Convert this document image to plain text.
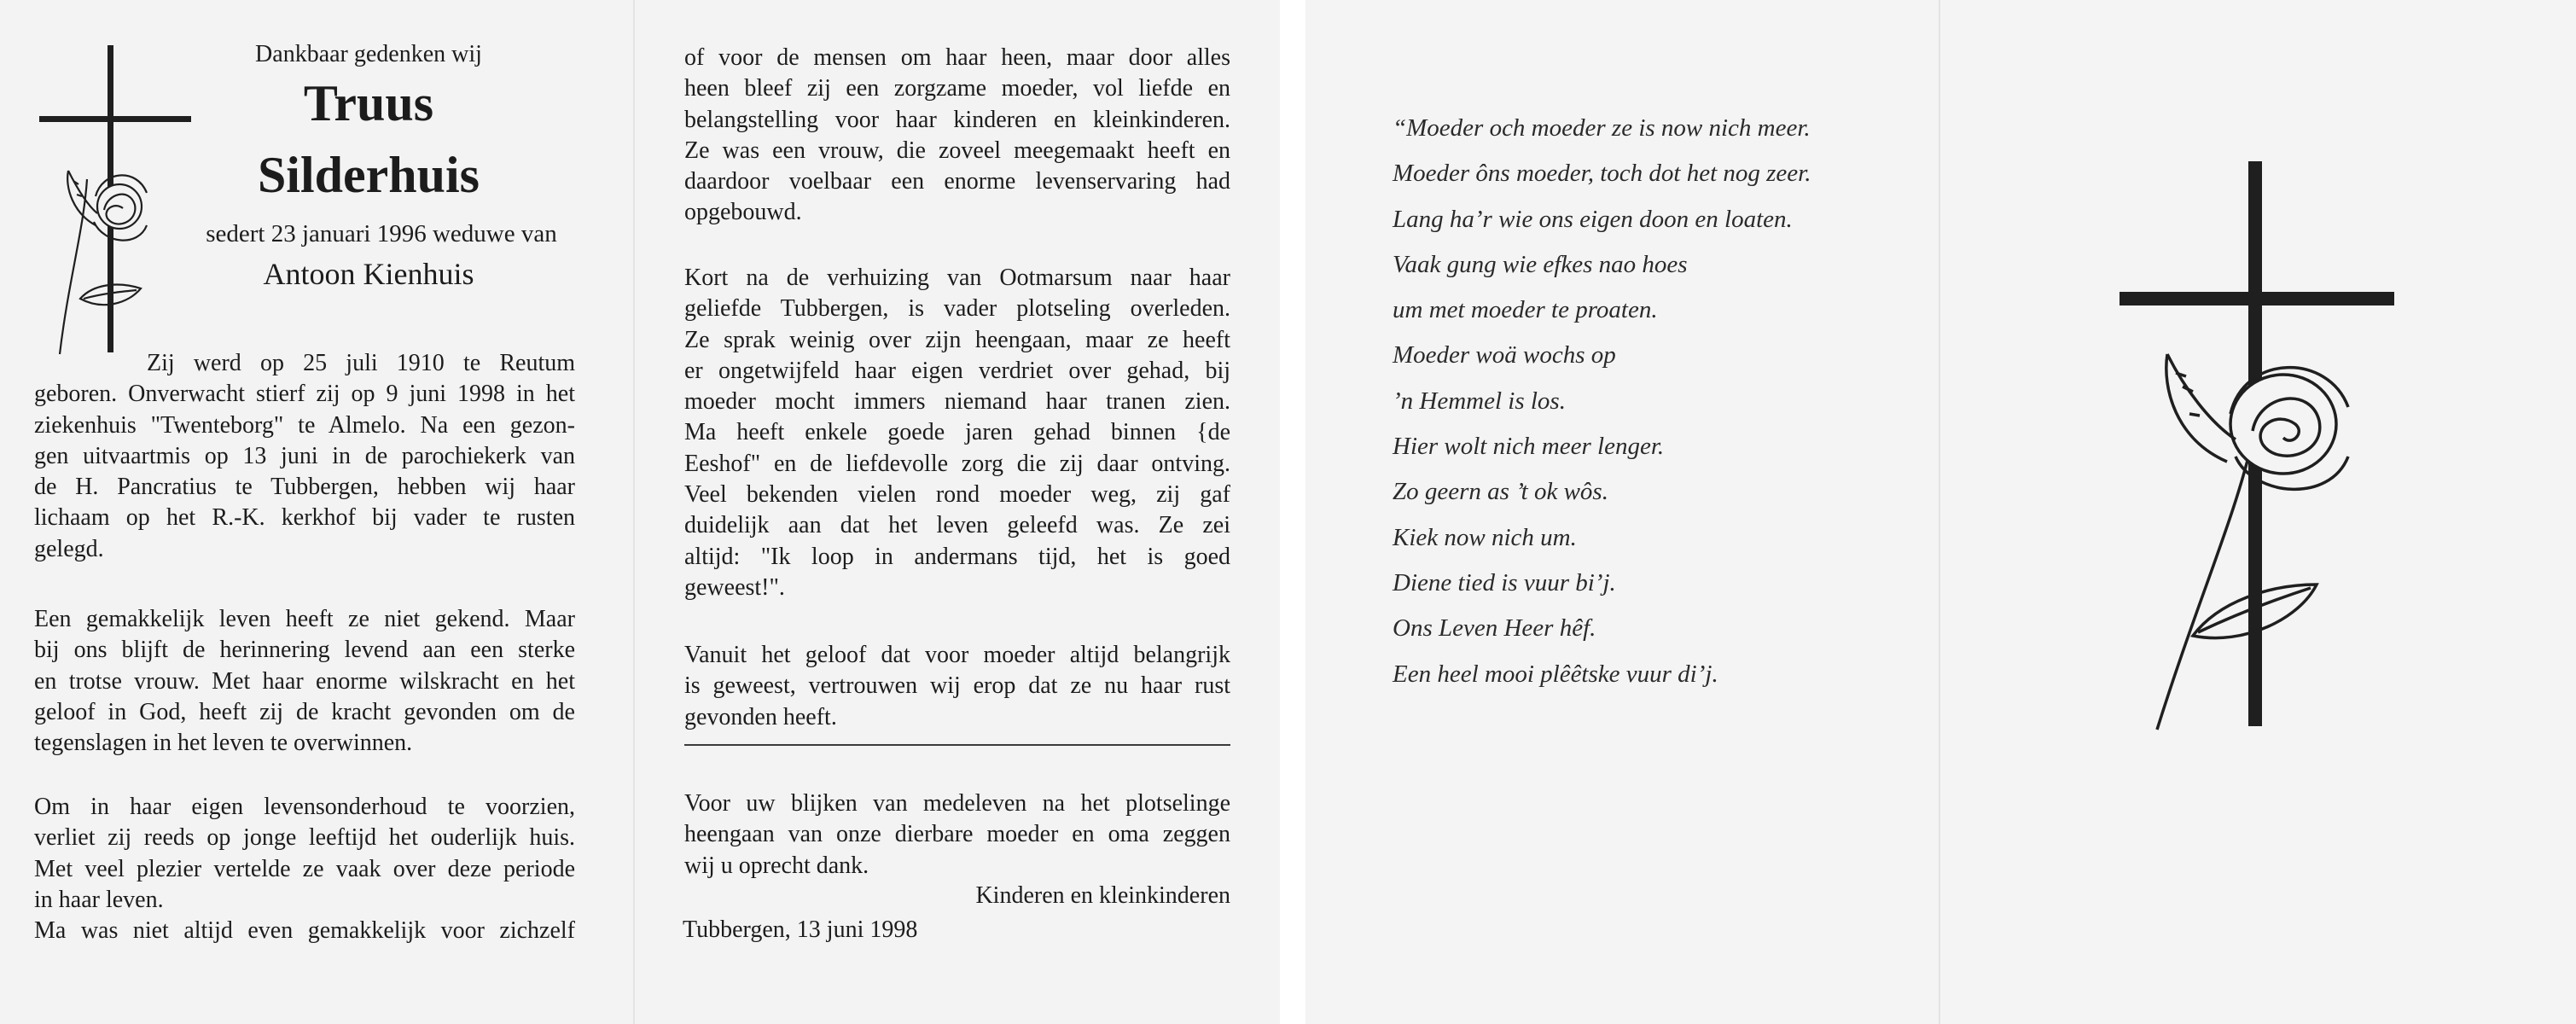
Dankbaar gedenken wij
Truus
Silderhuis
sedert 23 januari 1996 weduwe van
Antoon Kienhuis
Zij werd op 25 juli 1910 te Reutum
geboren. Onverwacht stierf zij op 9 juni 1998 in het
ziekenhuis "Twenteborg" te Almelo. Na een gezon-
gen uitvaartmis op 13 juni in de parochiekerk van
de H. Pancratius te Tubbergen, hebben wij haar
lichaam op het R.-K. kerkhof bij vader te rusten
gelegd.
Een gemakkelijk leven heeft ze niet gekend. Maar
bij ons blijft de herinnering levend aan een sterke
en trotse vrouw. Met haar enorme wilskracht en het
geloof in God, heeft zij de kracht gevonden om de
tegenslagen in het leven te overwinnen.
Om in haar eigen levensonderhoud te voorzien,
verliet zij reeds op jonge leeftijd het ouderlijk huis.
Met veel plezier vertelde ze vaak over deze periode
in haar leven.
Ma was niet altijd even gemakkelijk voor zichzelf
of voor de mensen om haar heen, maar door alles
heen bleef zij een zorgzame moeder, vol liefde en
belangstelling voor haar kinderen en kleinkinderen.
Ze was een vrouw, die zoveel meegemaakt heeft en
daardoor voelbaar een enorme levenservaring had
opgebouwd.
Kort na de verhuizing van Ootmarsum naar haar
geliefde Tubbergen, is vader plotseling overleden.
Ze sprak weinig over zijn heengaan, maar ze heeft
er ongetwijfeld haar eigen verdriet over gehad, bij
moeder mocht immers niemand haar tranen zien.
Ma heeft enkele goede jaren gehad binnen {de
Eeshof" en de liefdevolle zorg die zij daar ontving.
Veel bekenden vielen rond moeder weg, zij gaf
duidelijk aan dat het leven geleefd was. Ze zei
altijd: "Ik loop in andermans tijd, het is goed
geweest!".
Vanuit het geloof dat voor moeder altijd belangrijk
is geweest, vertrouwen wij erop dat ze nu haar rust
gevonden heeft.
Voor uw blijken van medeleven na het plotselinge
heengaan van onze dierbare moeder en oma zeggen
wij u oprecht dank.
Kinderen en kleinkinderen
Tubbergen, 13 juni 1998
“Moeder och moeder ze is now nich meer.
Moeder ôns moeder, toch dot het nog zeer.
Lang ha’r wie ons eigen doon en loaten.
Vaak gung wie efkes nao hoes
um met moeder te proaten.
Moeder woä wochs op
’n Hemmel is los.
Hier wolt nich meer lenger.
Zo geern as ’t ok wôs.
Kiek now nich um.
Diene tied is vuur bi’j.
Ons Leven Heer hêf.
Een heel mooi plêêtske vuur di’j.
